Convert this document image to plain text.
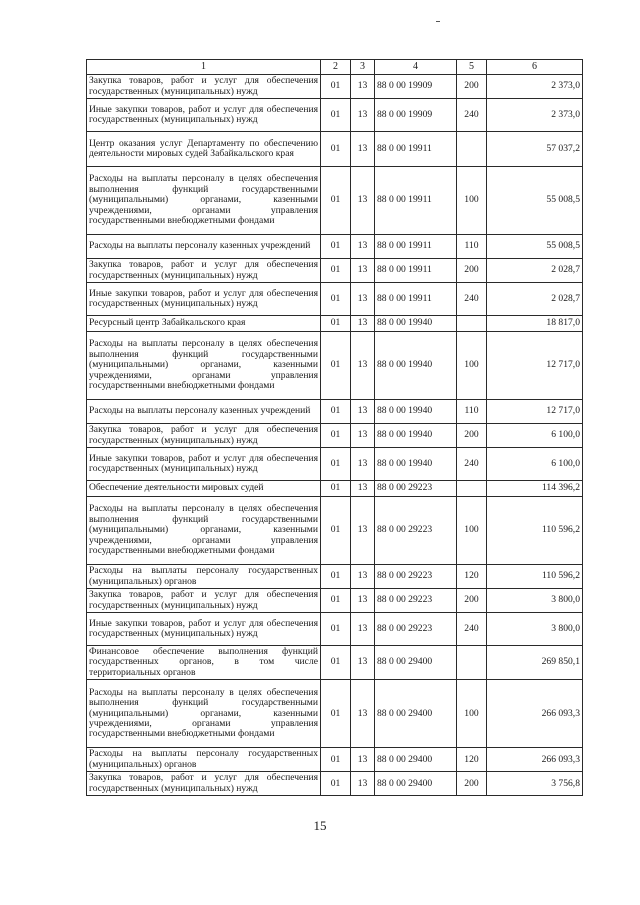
1	2	3	4	5	6
Закупка товаров, работ и услуг для обеспечения государственных (муниципальных) нужд	01	13	88 0 00 19909	200	2 373,0
Иные закупки товаров, работ и услуг для обеспечения государственных (муниципальных) нужд	01	13	88 0 00 19909	240	2 373,0
Центр оказания услуг Департаменту по обеспечению деятельности мировых судей Забайкальского края	01	13	88 0 00 19911		57 037,2
Расходы на выплаты персоналу в целях обеспечения выполнения функций государственными (муниципальными) органами, казенными учреждениями, органами управления государственными внебюджетными фондами	01	13	88 0 00 19911	100	55 008,5
Расходы на выплаты персоналу казенных учреждений	01	13	88 0 00 19911	110	55 008,5
Закупка товаров, работ и услуг для обеспечения государственных (муниципальных) нужд	01	13	88 0 00 19911	200	2 028,7
Иные закупки товаров, работ и услуг для обеспечения государственных (муниципальных) нужд	01	13	88 0 00 19911	240	2 028,7
Ресурсный центр Забайкальского края	01	13	88 0 00 19940		18 817,0
Расходы на выплаты персоналу в целях обеспечения выполнения функций государственными (муниципальными) органами, казенными учреждениями, органами управления государственными внебюджетными фондами	01	13	88 0 00 19940	100	12 717,0
Расходы на выплаты персоналу казенных учреждений	01	13	88 0 00 19940	110	12 717,0
Закупка товаров, работ и услуг для обеспечения государственных (муниципальных) нужд	01	13	88 0 00 19940	200	6 100,0
Иные закупки товаров, работ и услуг для обеспечения государственных (муниципальных) нужд	01	13	88 0 00 19940	240	6 100,0
Обеспечение деятельности мировых судей	01	13	88 0 00 29223		114 396,2
Расходы на выплаты персоналу в целях обеспечения выполнения функций государственными (муниципальными) органами, казенными учреждениями, органами управления государственными внебюджетными фондами	01	13	88 0 00 29223	100	110 596,2
Расходы на выплаты персоналу государственных (муниципальных) органов	01	13	88 0 00 29223	120	110 596,2
Закупка товаров, работ и услуг для обеспечения государственных (муниципальных) нужд	01	13	88 0 00 29223	200	3 800,0
Иные закупки товаров, работ и услуг для обеспечения государственных (муниципальных) нужд	01	13	88 0 00 29223	240	3 800,0
Финансовое обеспечение выполнения функций государственных органов, в том числе территориальных органов	01	13	88 0 00 29400		269 850,1
Расходы на выплаты персоналу в целях обеспечения выполнения функций государственными (муниципальными) органами, казенными учреждениями, органами управления государственными внебюджетными фондами	01	13	88 0 00 29400	100	266 093,3
Расходы на выплаты персоналу государственных (муниципальных) органов	01	13	88 0 00 29400	120	266 093,3
Закупка товаров, работ и услуг для обеспечения государственных (муниципальных) нужд	01	13	88 0 00 29400	200	3 756,8
15
